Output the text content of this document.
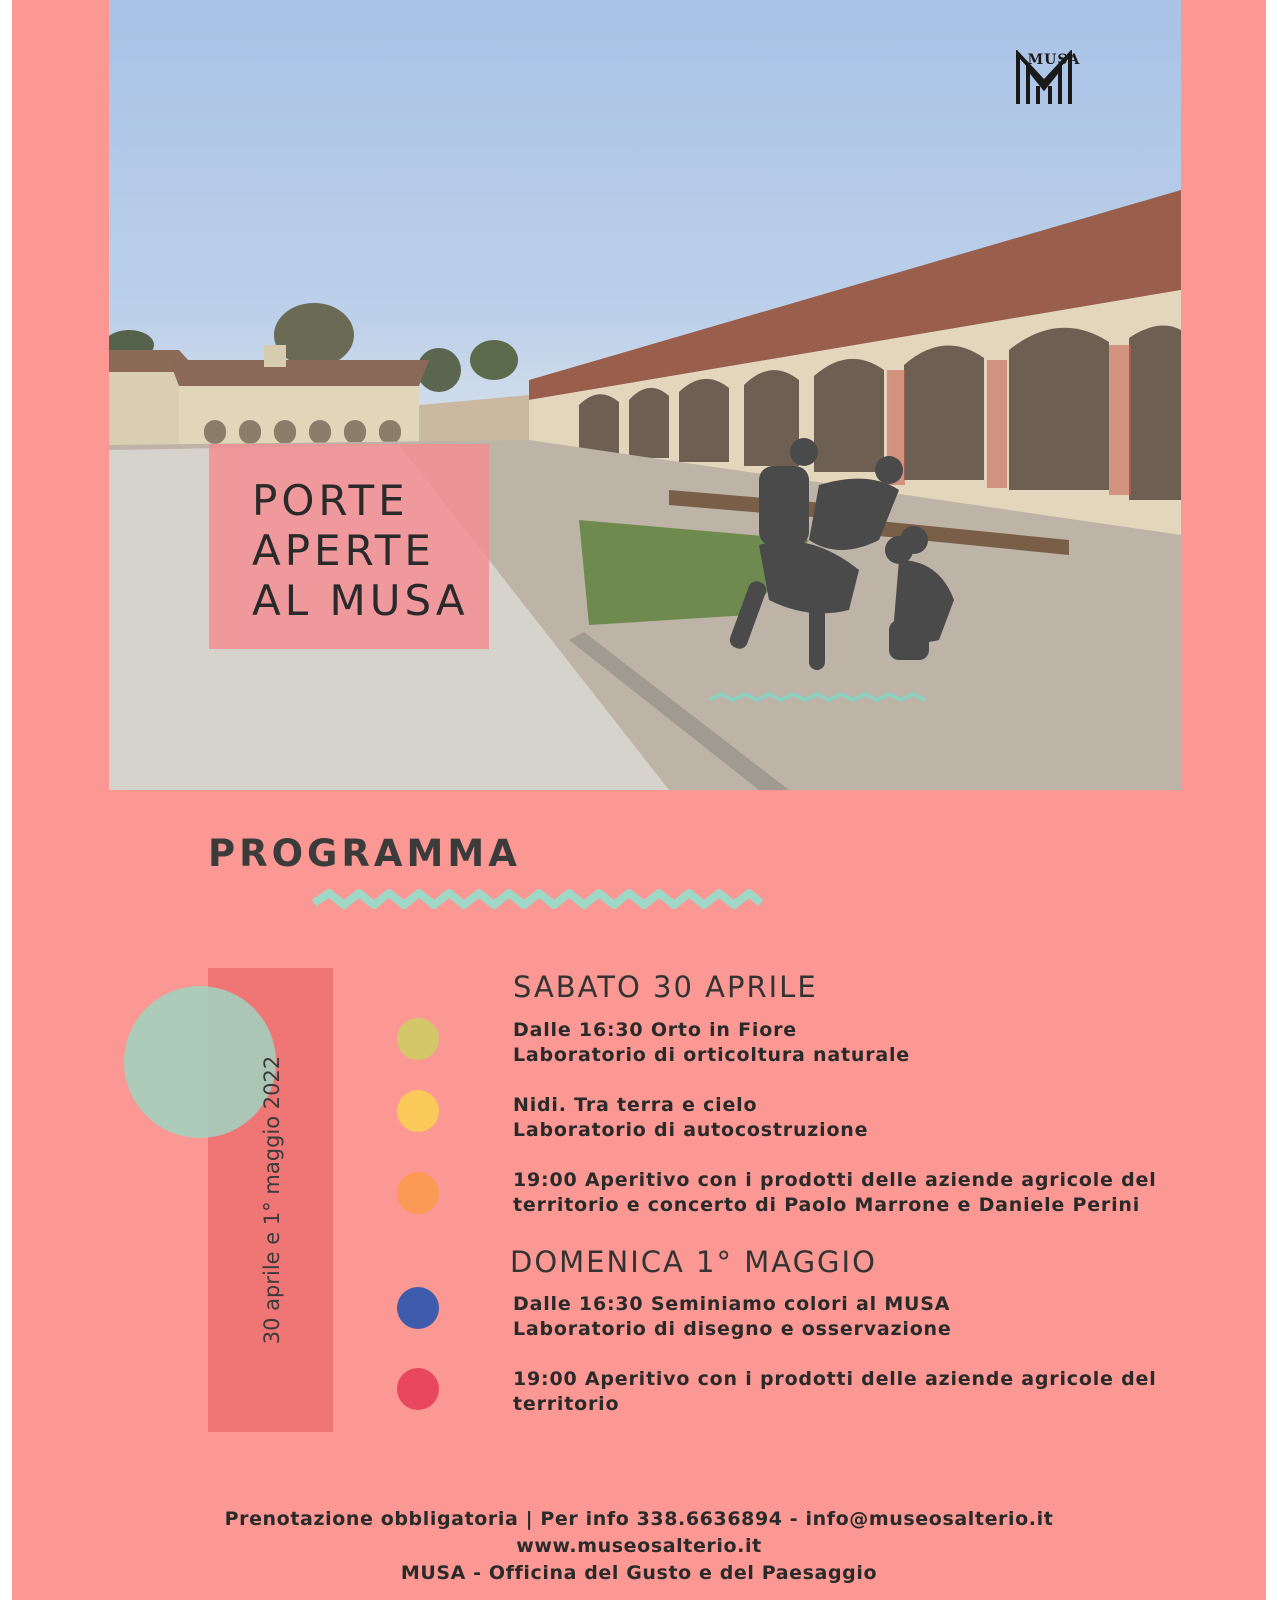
MUSA
PORTE
APERTE
AL MUSA
PROGRAMMA
30 aprile e 1° maggio 2022
SABATO 30 APRILE
Dalle 16:30 Orto in Fiore
Laboratorio di orticoltura naturale
Nidi. Tra terra e cielo
Laboratorio di autocostruzione
19:00 Aperitivo con i prodotti delle aziende agricole del
territorio e concerto di Paolo Marrone e Daniele Perini
DOMENICA 1° MAGGIO
Dalle 16:30 Seminiamo colori al MUSA
Laboratorio di disegno e osservazione
19:00 Aperitivo con i prodotti delle aziende agricole del
territorio
Prenotazione obbligatoria | Per info 338.6636894 - info@museosalterio.it
www.museosalterio.it
MUSA - Officina del Gusto e del Paesaggio
